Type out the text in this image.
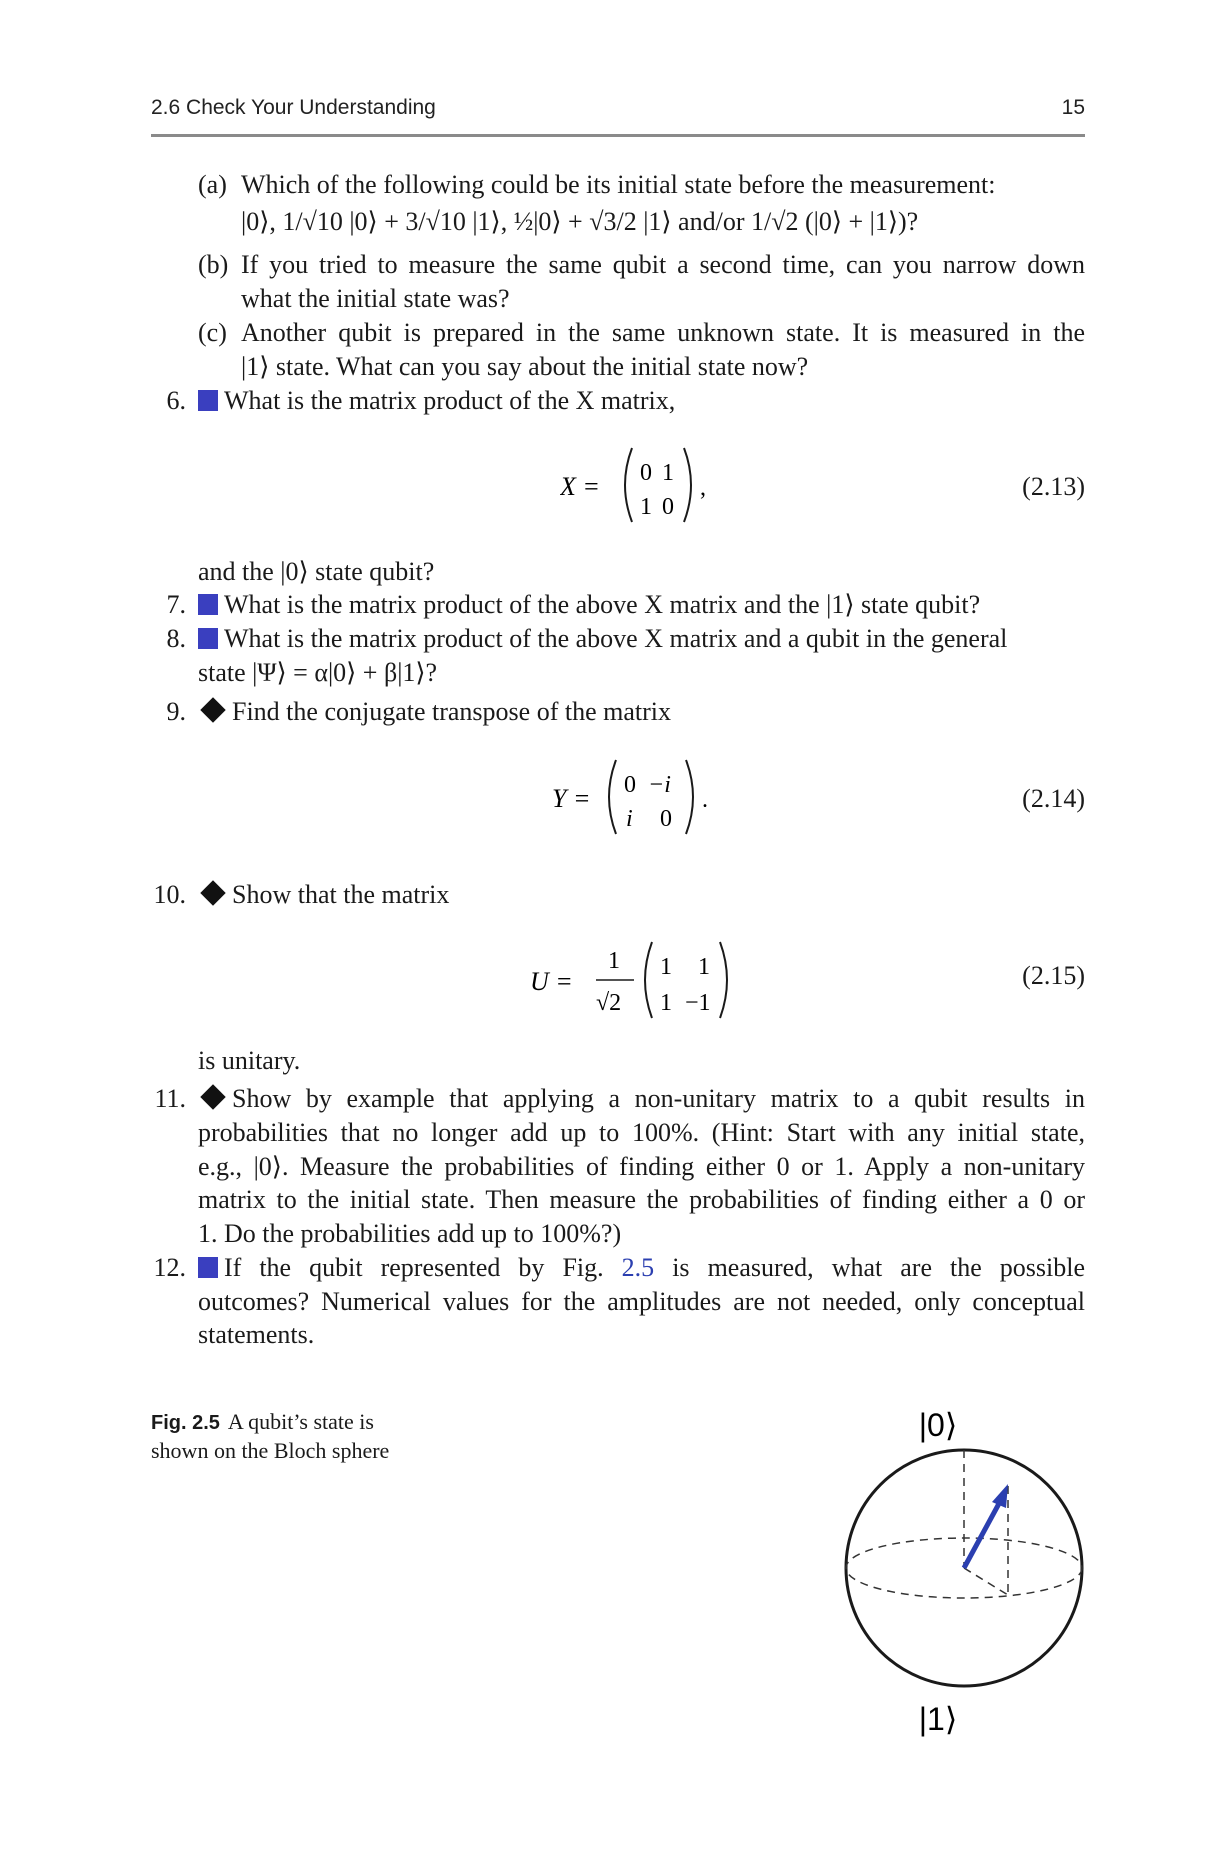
2.6 Check Your Understanding	15
(a) Which of the following could be its initial state before the measurement:
|0⟩, 1/√10 |0⟩ + 3/√10 |1⟩, ½|0⟩ + √3/2 |1⟩ and/or 1/√2 (|0⟩ + |1⟩)?
(b) If you tried to measure the same qubit a second time, can you narrow down
what the initial state was?
(c) Another qubit is prepared in the same unknown state. It is measured in the
|1⟩ state. What can you say about the initial state now?
6.	What is the matrix product of the X matrix,
X = 0 1
1 0
,	(2.13)
and the |0⟩ state qubit?
7.	What is the matrix product of the above X matrix and the |1⟩ state qubit?
8.	What is the matrix product of the above X matrix and a qubit in the general
state |Ψ⟩ = α|0⟩ + β|1⟩?
9.	Find the conjugate transpose of the matrix
Y = 0 −i
i 0
.	(2.14)
10.	Show that the matrix
U =
1
√2
1 1
1 −1
(2.15)
is unitary.
11.	Show by example that applying a non-unitary matrix to a qubit results in
probabilities that no longer add up to 100%. (Hint: Start with any initial state,
e.g., |0⟩. Measure the probabilities of finding either 0 or 1. Apply a non-unitary
matrix to the initial state. Then measure the probabilities of finding either a 0 or
1. Do the probabilities add up to 100%?)
12.	If the qubit represented by Fig. 2.5 is measured, what are the possible
outcomes? Numerical values for the amplitudes are not needed, only conceptual
statements.
Fig. 2.5 A qubit’s state is
shown on the Bloch sphere
|0⟩
|1⟩
